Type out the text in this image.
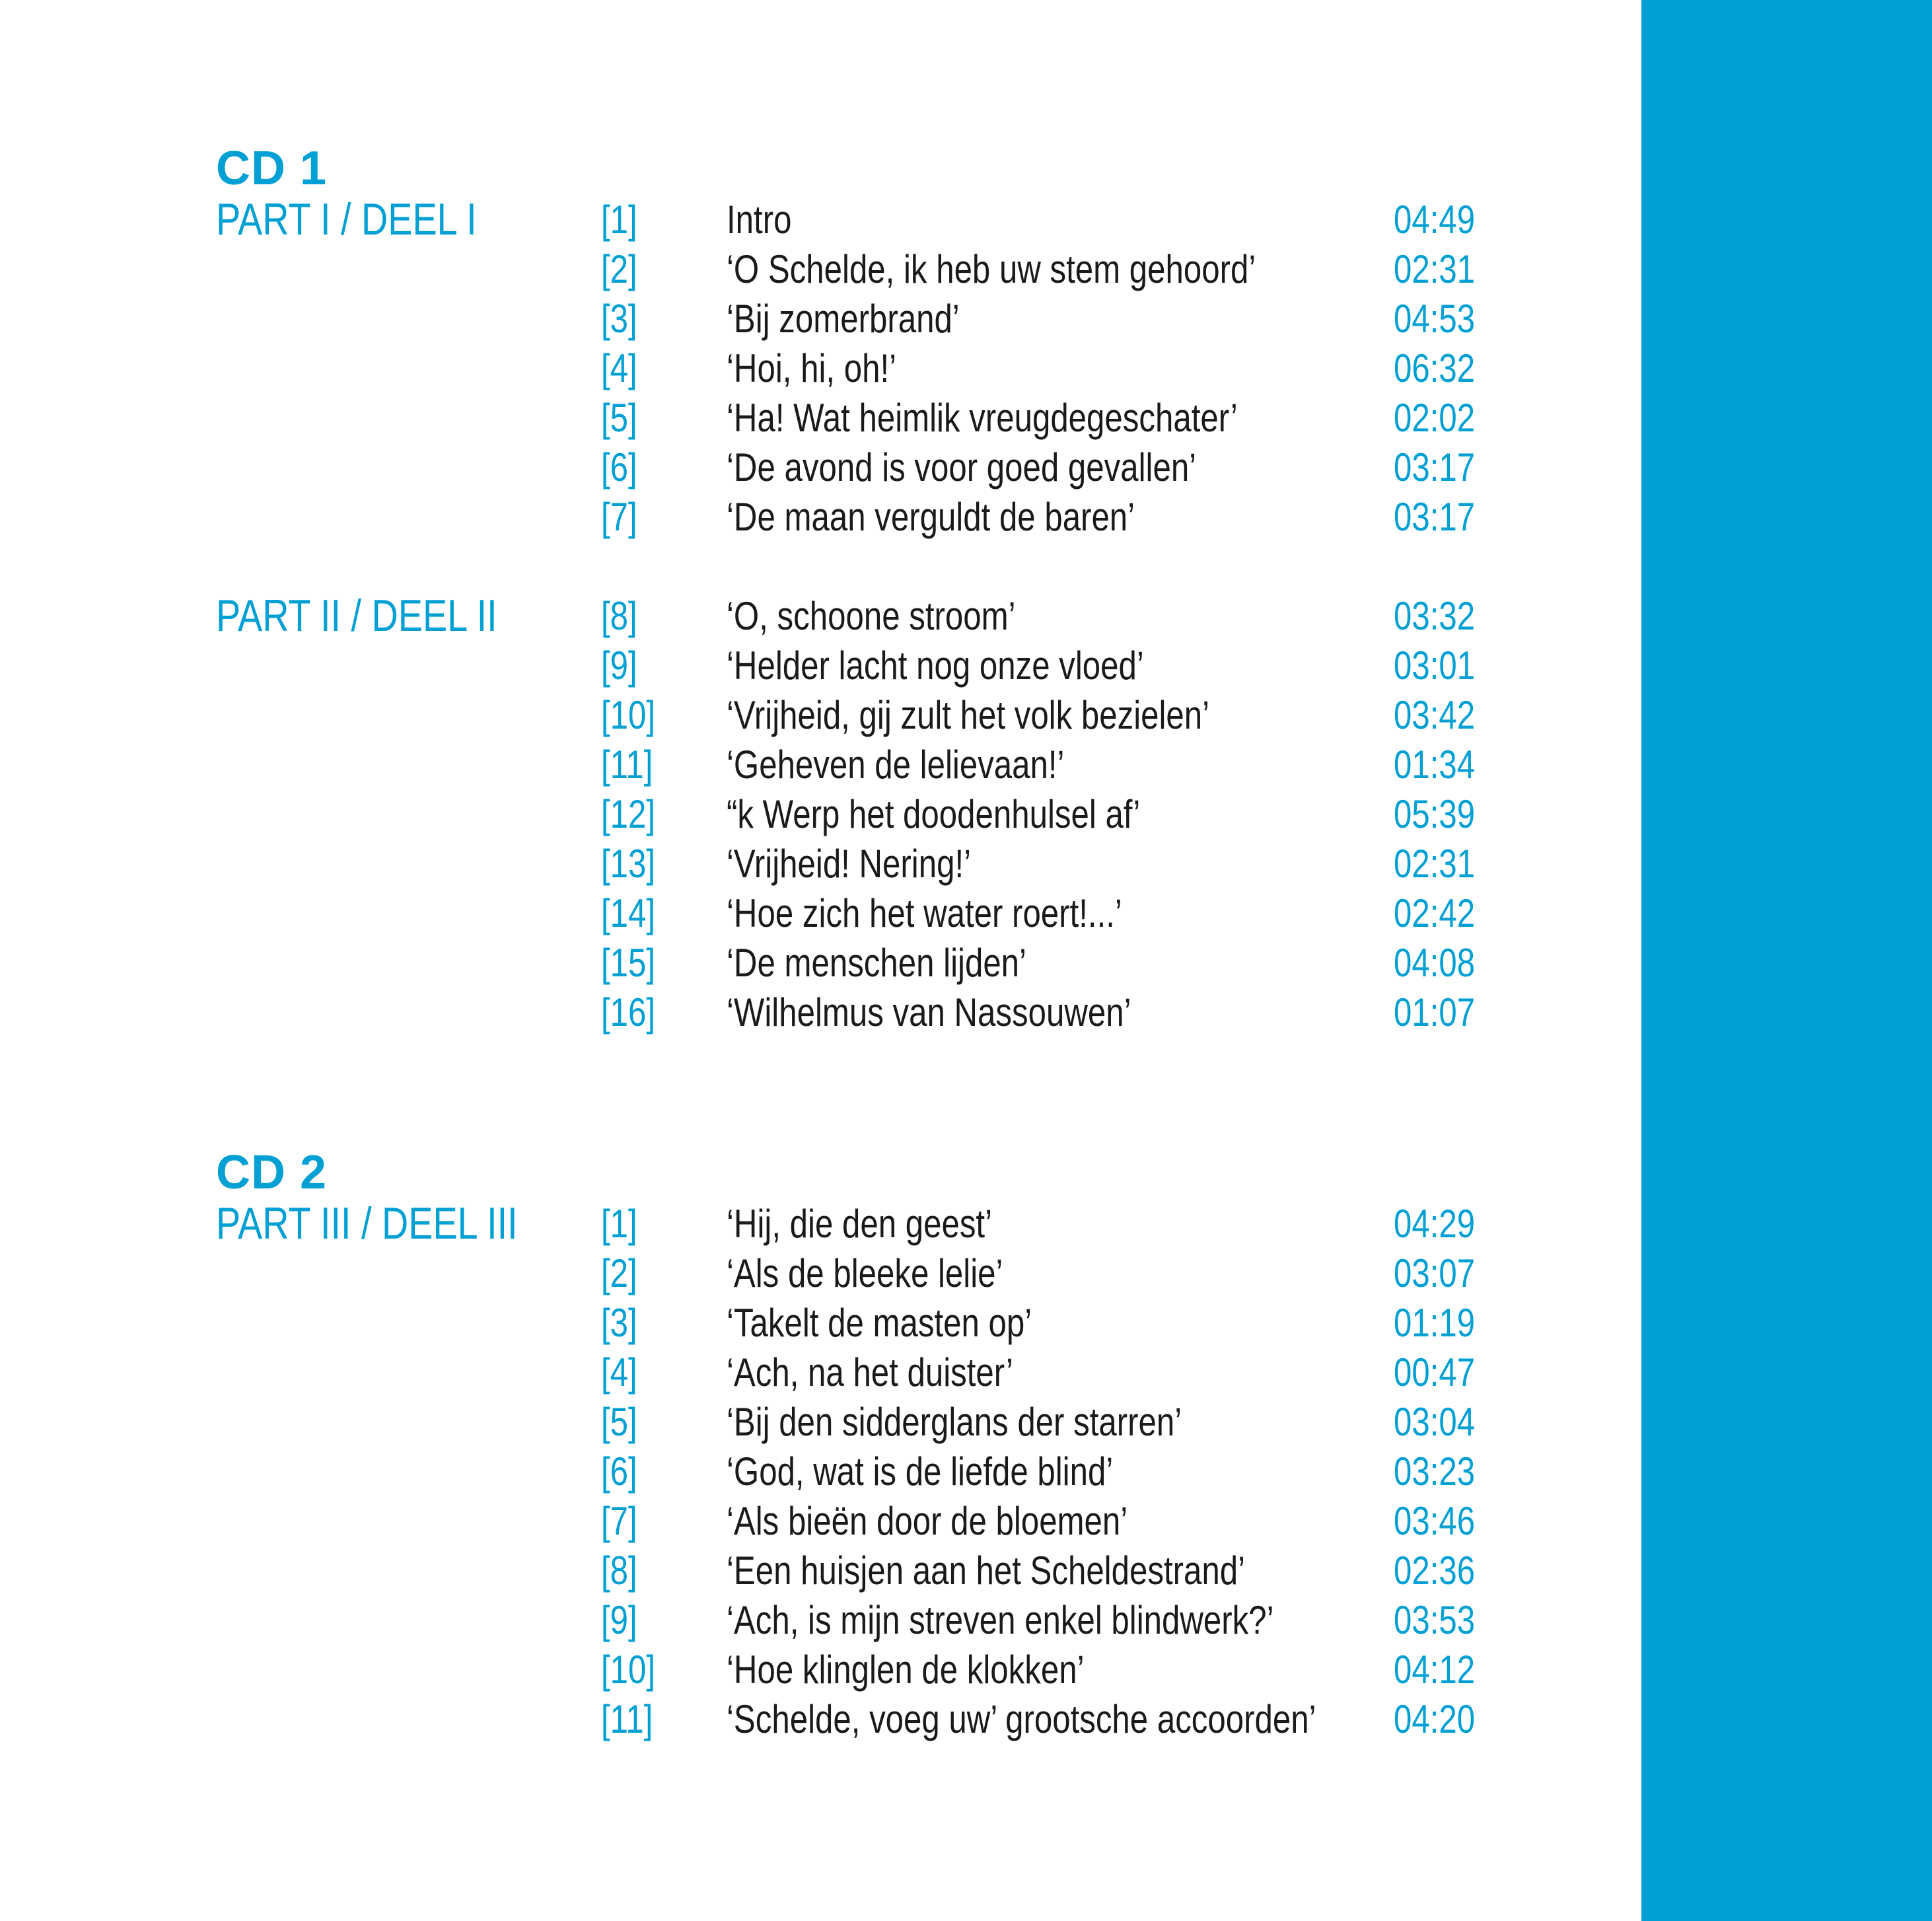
CD 1
PART I / DEEL I	[1]	Intro	04:49
[2]	‘O Schelde, ik heb uw stem gehoord’	02:31
[3]	‘Bij zomerbrand’	04:53
[4]	‘Hoi, hi, oh!’	06:32
[5]	‘Ha! Wat heimlik vreugdegeschater’	02:02
[6]	‘De avond is voor goed gevallen’	03:17
[7]	‘De maan verguldt de baren’	03:17
PART II / DEEL II	[8]	‘O, schoone stroom’	03:32
[9]	‘Helder lacht nog onze vloed’	03:01
[10]	‘Vrijheid, gij zult het volk bezielen’	03:42
[11]	‘Geheven de lelievaan!’	01:34
[12]	“k Werp het doodenhulsel af’	05:39
[13]	‘Vrijheid! Nering!’	02:31
[14]	‘Hoe zich het water roert!...’	02:42
[15]	‘De menschen lijden’	04:08
[16]	‘Wilhelmus van Nassouwen’	01:07
CD 2
PART III / DEEL III	[1]	‘Hij, die den geest’	04:29
[2]	‘Als de bleeke lelie’	03:07
[3]	‘Takelt de masten op’	01:19
[4]	‘Ach, na het duister’	00:47
[5]	‘Bij den sidderglans der starren’	03:04
[6]	‘God, wat is de liefde blind’	03:23
[7]	‘Als bieën door de bloemen’	03:46
[8]	‘Een huisjen aan het Scheldestrand’	02:36
[9]	‘Ach, is mijn streven enkel blindwerk?’	03:53
[10]	‘Hoe klinglen de klokken’	04:12
[11]	‘Schelde, voeg uw’ grootsche accoorden’ 04:20
